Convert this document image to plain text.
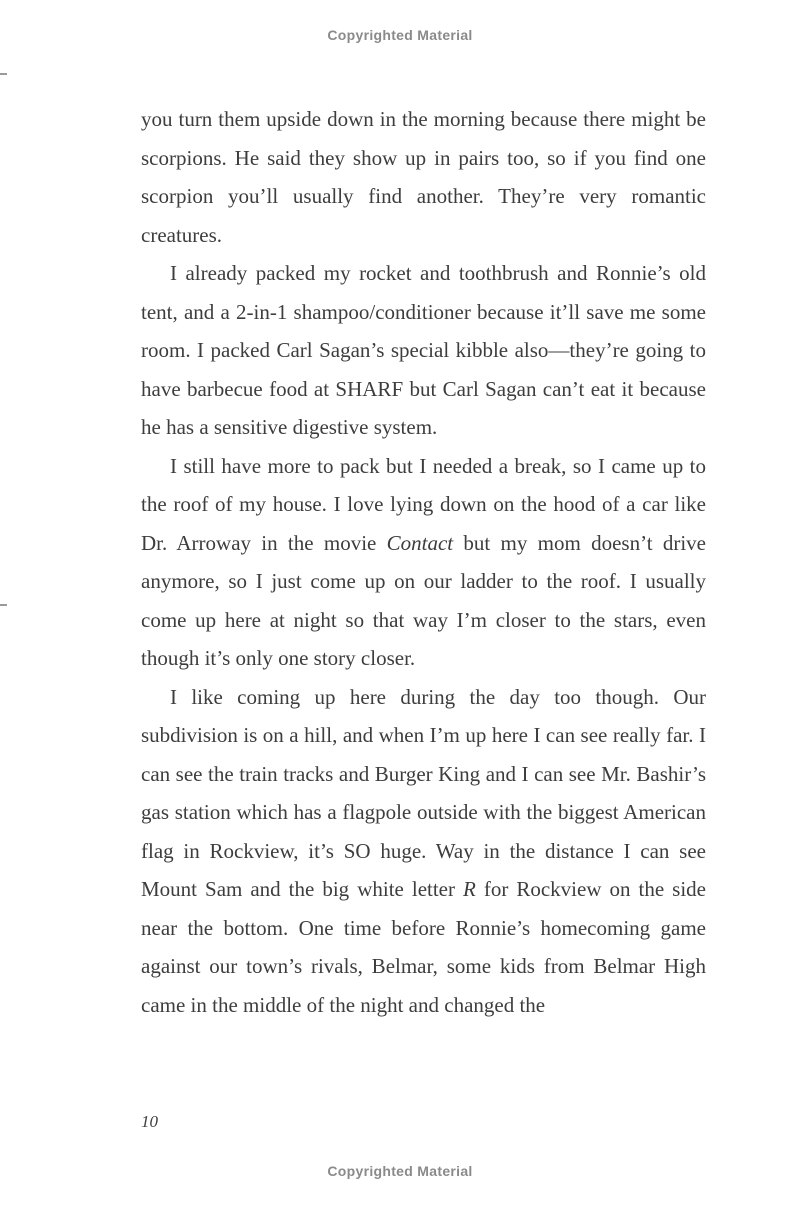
Copyrighted Material

you turn them upside down in the morning because there might be scorpions. He said they show up in pairs too, so if you find one scorpion you’ll usually find another. They’re very romantic creatures.

I already packed my rocket and toothbrush and Ronnie’s old tent, and a 2-in-1 shampoo/conditioner because it’ll save me some room. I packed Carl Sagan’s special kibble also—they’re going to have barbecue food at SHARF but Carl Sagan can’t eat it because he has a sensitive digestive system.

I still have more to pack but I needed a break, so I came up to the roof of my house. I love lying down on the hood of a car like Dr. Arroway in the movie Contact but my mom doesn’t drive anymore, so I just come up on our ladder to the roof. I usually come up here at night so that way I’m closer to the stars, even though it’s only one story closer.

I like coming up here during the day too though. Our subdivision is on a hill, and when I’m up here I can see really far. I can see the train tracks and Burger King and I can see Mr. Bashir’s gas station which has a flagpole outside with the biggest American flag in Rockview, it’s SO huge. Way in the distance I can see Mount Sam and the big white letter R for Rockview on the side near the bottom. One time before Ronnie’s homecoming game against our town’s rivals, Belmar, some kids from Belmar High came in the middle of the night and changed the

10
Copyrighted Material
